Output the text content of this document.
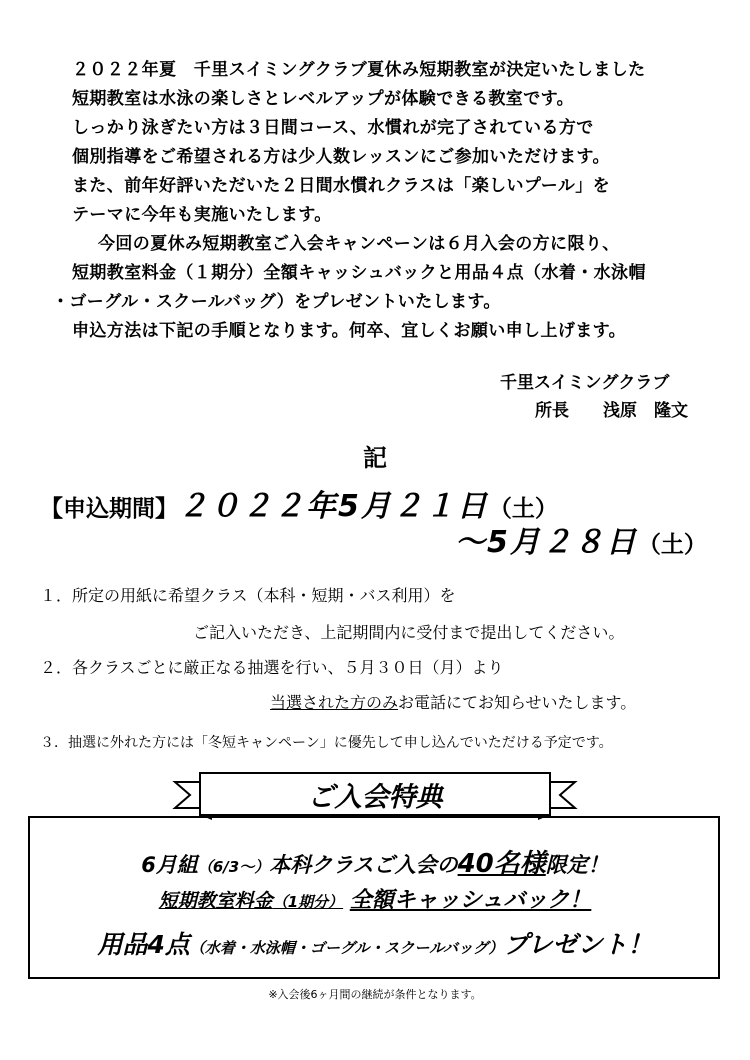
２０２２年夏　千里スイミングクラブ夏休み短期教室が決定いたしました
短期教室は水泳の楽しさとレベルアップが体験できる教室です。
しっかり泳ぎたい方は３日間コース、水慣れが完了されている方で
個別指導をご希望される方は少人数レッスンにご参加いただけます。
また、前年好評いただいた２日間水慣れクラスは「楽しいプール」を
テーマに今年も実施いたします。
今回の夏休み短期教室ご入会キャンペーンは６月入会の方に限り、
短期教室料金（１期分）全額キャッシュバックと用品４点（水着・水泳帽
・ゴーグル・スクールバッグ）をプレゼントいたします。
申込方法は下記の手順となります。何卒、宜しくお願い申し上げます。
千里スイミングクラブ
所長　　浅原　隆文
記
【申込期間】２０２２年5月２１日（土）
～5月２８日（土）
１．所定の用紙に希望クラス（本科・短期・バス利用）を
ご記入いただき、上記期間内に受付まで提出してください。
２．各クラスごとに厳正なる抽選を行い、５月３０日（月）より
当選された方のみお電話にてお知らせいたします。
３．抽選に外れた方には「冬短キャンペーン」に優先して申し込んでいただける予定です。
ご入会特典
6月組（6/3～）本科クラスご入会の40名様限定！
短期教室料金（1期分） 全額キャッシュバック！
用品4点（水着・水泳帽・ゴーグル・スクールバッグ）プレゼント！
※入会後6ヶ月間の継続が条件となります。
